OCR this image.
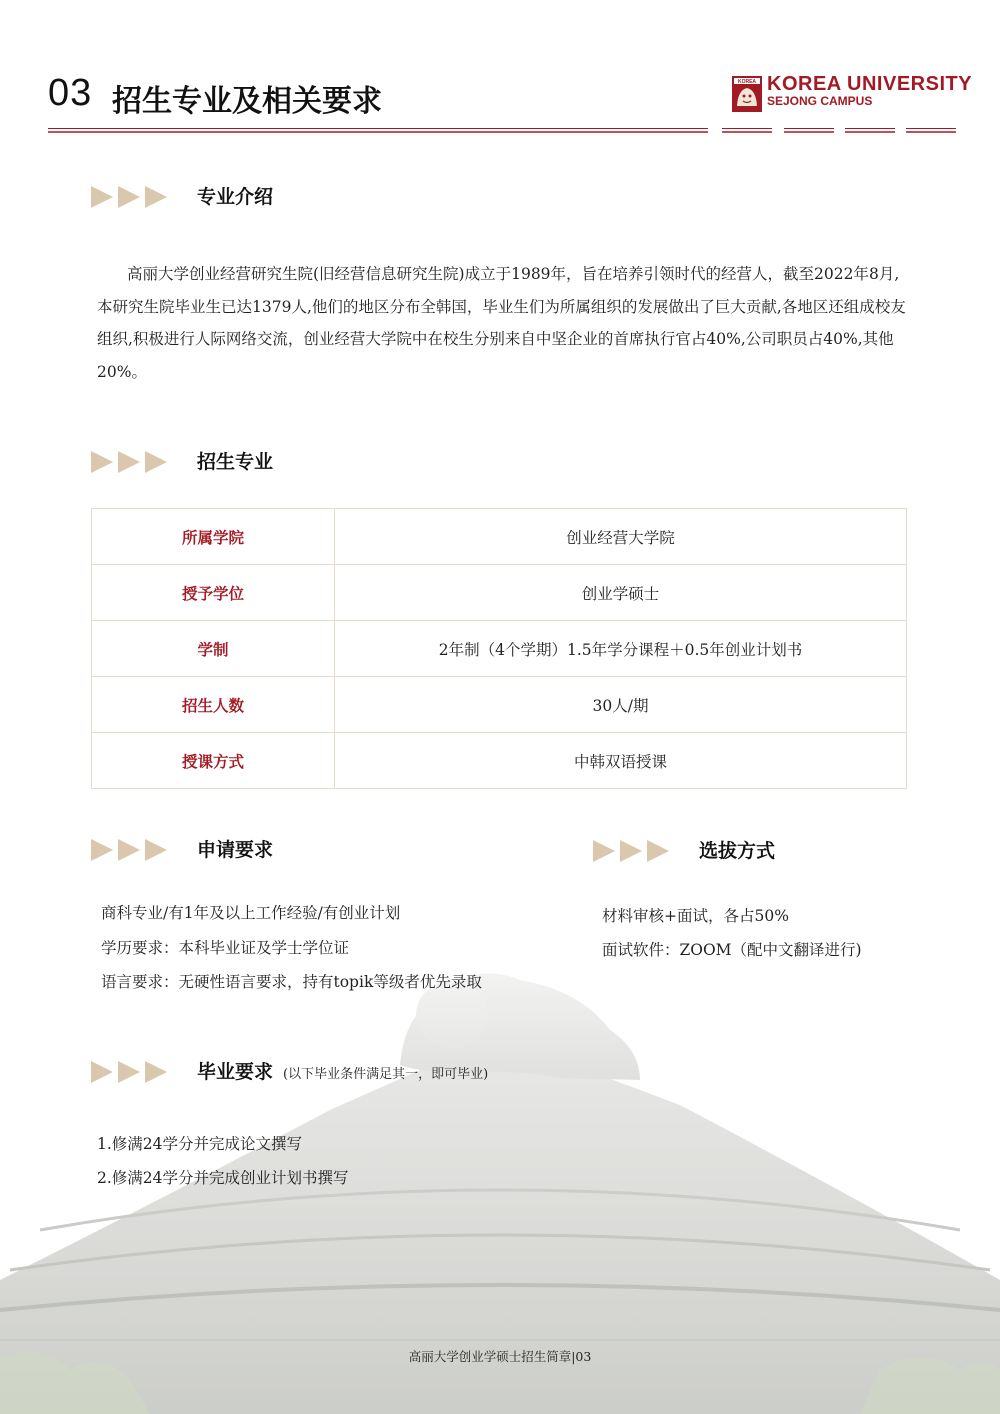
03 招生专业及相关要求
KOREA KOREA UNIVERSITY
SEJONG CAMPUS
专业介绍
高丽大学创业经营研究生院(旧经营信息研究生院)成立于1989年，旨在培养引领时代的经营人，截至2022年8月,本研究生院毕业生已达1379人,他们的地区分布全韩国，毕业生们为所属组织的发展做出了巨大贡献,各地区还组成校友组织,积极进行人际网络交流，创业经营大学院中在校生分别来自中坚企业的首席执行官占40%,公司职员占40%,其他20%。
招生专业
所属学院	创业经营大学院
授予学位	创业学硕士
学制	2年制（4个学期）1.5年学分课程＋0.5年创业计划书
招生人数	30人/期
授课方式	中韩双语授课
申请要求
商科专业/有1年及以上工作经验/有创业计划
学历要求：本科毕业证及学士学位证
语言要求：无硬性语言要求，持有topik等级者优先录取
选拔方式
材料审核+面试，各占50%
面试软件：ZOOM（配中文翻译进行)
毕业要求 (以下毕业条件满足其一，即可毕业)
1.修满24学分并完成论文撰写
2.修满24学分并完成创业计划书撰写
高丽大学创业学硕士招生简章|03
